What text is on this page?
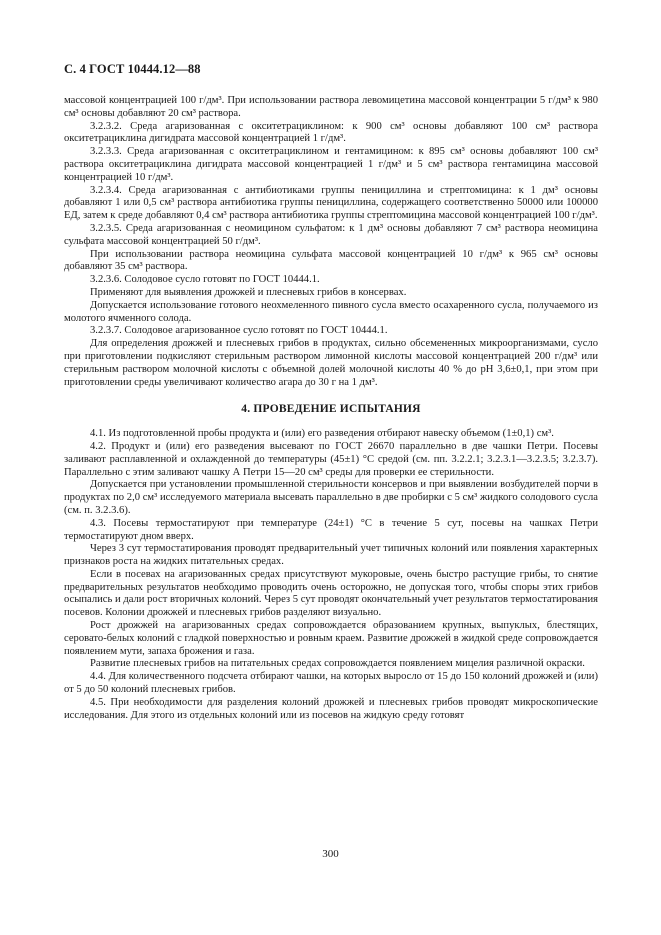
С. 4 ГОСТ 10444.12—88

массовой концентрацией 100 г/дм³. При использовании раствора левомицетина массовой концентрации 5 г/дм³ к 980 см³ основы добавляют 20 см³ раствора.

3.2.3.2. Среда агаризованная с окситетрациклином: к 900 см³ основы добавляют 100 см³ раствора окситетрациклина дигидрата массовой концентрацией 1 г/дм³.

3.2.3.3. Среда агаризованная с окситетрациклином и гентамицином: к 895 см³ основы добавляют 100 см³ раствора окситетрациклина дигидрата массовой концентрацией 1 г/дм³ и 5 см³ раствора гентамицина массовой концентрацией 10 г/дм³.

3.2.3.4. Среда агаризованная с антибиотиками группы пенициллина и стрептомицина: к 1 дм³ основы добавляют 1 или 0,5 см³ раствора антибиотика группы пенициллина, содержащего соответственно 50000 или 100000 ЕД, затем к среде добавляют 0,4 см³ раствора антибиотика группы стрептомицина массовой концентрацией 100 г/дм³.

3.2.3.5. Среда агаризованная с неомицином сульфатом: к 1 дм³ основы добавляют 7 см³ раствора неомицина сульфата массовой концентрацией 50 г/дм³.

При использовании раствора неомицина сульфата массовой концентрацией 10 г/дм³ к 965 см³ основы добавляют 35 см³ раствора.

3.2.3.6. Солодовое сусло готовят по ГОСТ 10444.1.

Применяют для выявления дрожжей и плесневых грибов в консервах.

Допускается использование готового неохмеленного пивного сусла вместо осахаренного сусла, получаемого из молотого ячменного солода.

3.2.3.7. Солодовое агаризованное сусло готовят по ГОСТ 10444.1.

Для определения дрожжей и плесневых грибов в продуктах, сильно обсемененных микроорганизмами, сусло при приготовлении подкисляют стерильным раствором лимонной кислоты массовой концентрацией 200 г/дм³ или стерильным раствором молочной кислоты с объемной долей молочной кислоты 40 % до pH 3,6±0,1, при этом при приготовлении среды увеличивают количество агара до 30 г на 1 дм³.

4. ПРОВЕДЕНИЕ ИСПЫТАНИЯ

4.1. Из подготовленной пробы продукта и (или) его разведения отбирают навеску объемом (1±0,1) см³.

4.2. Продукт и (или) его разведения высевают по ГОСТ 26670 параллельно в две чашки Петри. Посевы заливают расплавленной и охлажденной до температуры (45±1) °С средой (см. пп. 3.2.2.1; 3.2.3.1—3.2.3.5; 3.2.3.7). Параллельно с этим заливают чашку А Петри 15—20 см³ среды для проверки ее стерильности.

Допускается при установлении промышленной стерильности консервов и при выявлении возбудителей порчи в продуктах по 2,0 см³ исследуемого материала высевать параллельно в две пробирки с 5 см³ жидкого солодового сусла (см. п. 3.2.3.6).

4.3. Посевы термостатируют при температуре (24±1) °С в течение 5 сут, посевы на чашках Петри термостатируют дном вверх.

Через 3 сут термостатирования проводят предварительный учет типичных колоний или появления характерных признаков роста на жидких питательных средах.

Если в посевах на агаризованных средах присутствуют мукоровые, очень быстро растущие грибы, то снятие предварительных результатов необходимо проводить очень осторожно, не допуская того, чтобы споры этих грибов осыпались и дали рост вторичных колоний. Через 5 сут проводят окончательный учет результатов термостатирования посевов. Колонии дрожжей и плесневых грибов разделяют визуально.

Рост дрожжей на агаризованных средах сопровождается образованием крупных, выпуклых, блестящих, серовато-белых колоний с гладкой поверхностью и ровным краем. Развитие дрожжей в жидкой среде сопровождается появлением мути, запаха брожения и газа.

Развитие плесневых грибов на питательных средах сопровождается появлением мицелия различной окраски.

4.4. Для количественного подсчета отбирают чашки, на которых выросло от 15 до 150 колоний дрожжей и (или) от 5 до 50 колоний плесневых грибов.

4.5. При необходимости для разделения колоний дрожжей и плесневых грибов проводят микроскопические исследования. Для этого из отдельных колоний или из посевов на жидкую среду готовят

300
